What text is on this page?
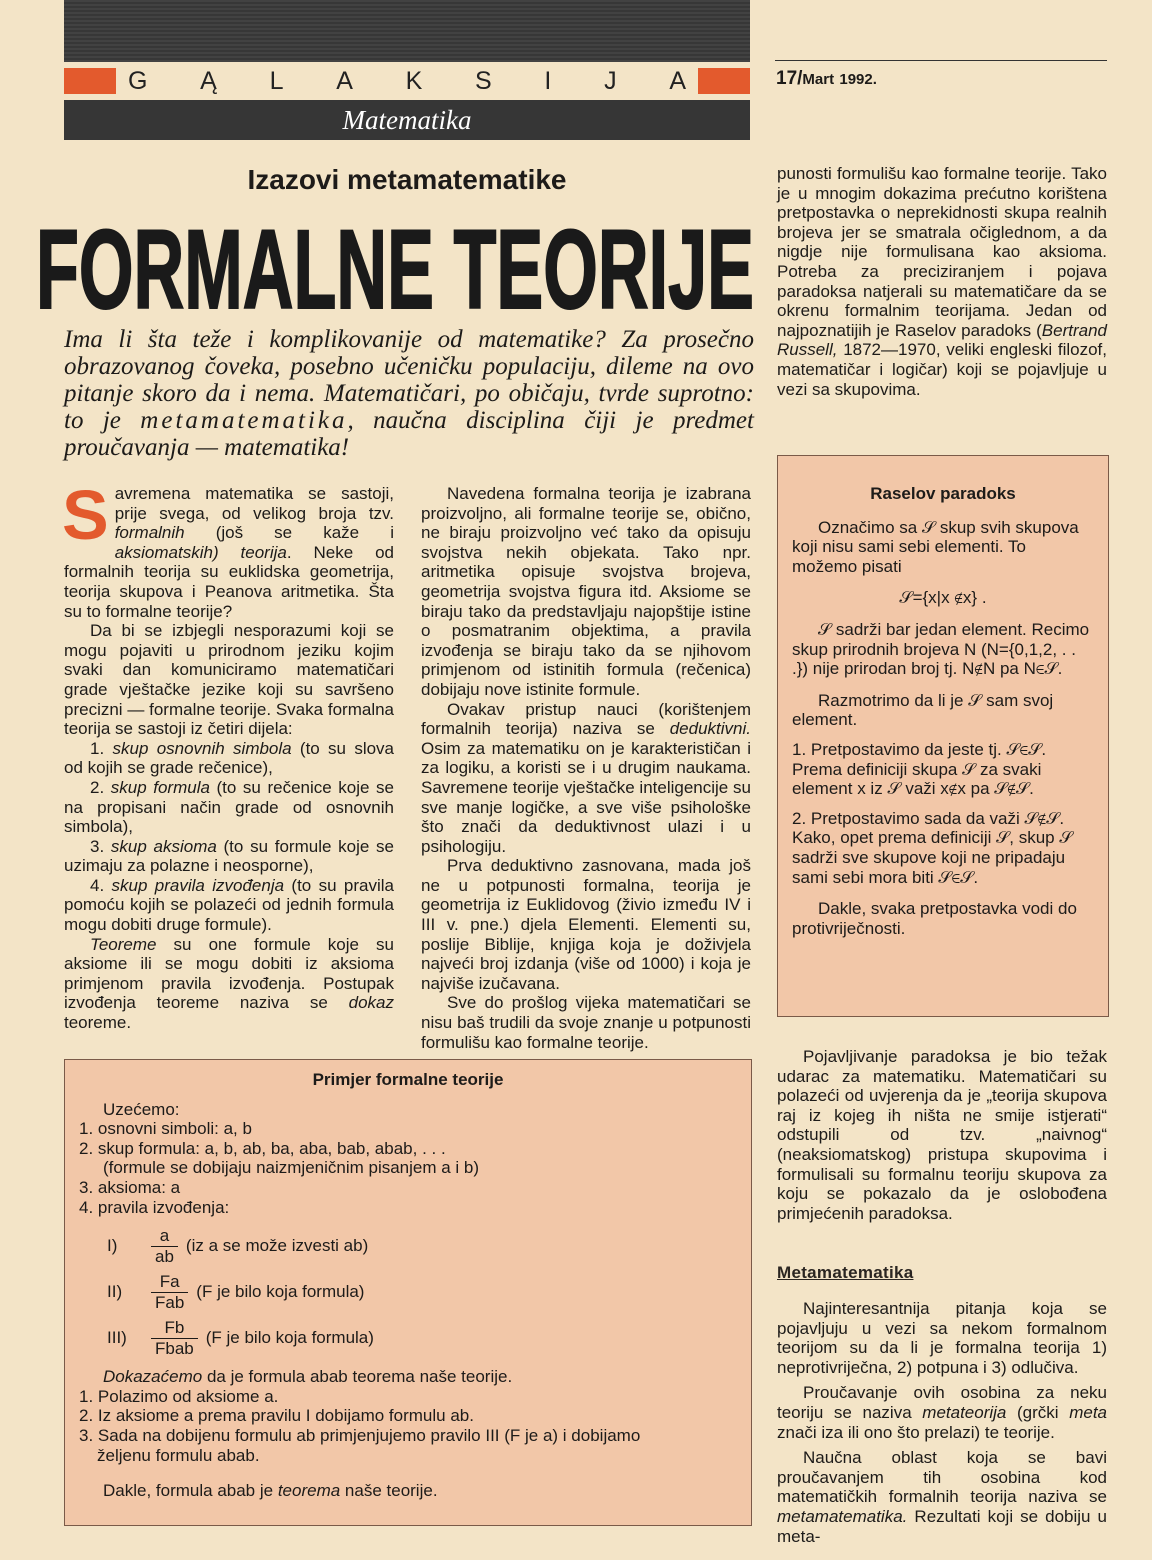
G Ą L A K S I J A	17/Mart 1992.
Matematika
Izazovi metamatematike
FORMALNE TEORIJE
Ima li šta teže i komplikovanije od matematike? Za prosečno obrazovanog čoveka, posebno učeničku populaciju, dileme na ovo pitanje skoro da i nema. Matematičari, po običaju, tvrde suprotno: to je metamatematika, naučna disciplina čiji je predmet proučavanja — matematika!

Savremena matematika se sastoji, prije svega, od velikog broja tzv. formalnih (još se kaže i aksiomatskih) teorija. Neke od formalnih teorija su euklidska geometrija, teorija skupova i Peanova aritmetika. Šta su to formalne teorije?

Da bi se izbjegli nesporazumi koji se mogu pojaviti u prirodnom jeziku kojim svaki dan komuniciramo matematičari grade vještačke jezike koji su savršeno precizni — formalne teorije. Svaka formalna teorija se sastoji iz četiri dijela:

1. skup osnovnih simbola (to su slova od kojih se grade rečenice),

2. skup formula (to su rečenice koje se na propisani način grade od osnovnih simbola),

3. skup aksioma (to su formule koje se uzimaju za polazne i neosporne),

4. skup pravila izvođenja (to su pravila pomoću kojih se polazeći od jednih formula mogu dobiti druge formule).

Teoreme su one formule koje su aksiome ili se mogu dobiti iz aksioma primjenom pravila izvođenja. Postupak izvođenja teoreme naziva se dokaz teoreme.

Navedena formalna teorija je izabrana proizvoljno, ali formalne teorije se, obično, ne biraju proizvoljno već tako da opisuju svojstva nekih objekata. Tako npr. aritmetika opisuje svojstva brojeva, geometrija svojstva figura itd. Aksiome se biraju tako da predstavljaju najopštije istine o posmatranim objektima, a pravila izvođenja se biraju tako da se njihovom primjenom od istinitih formula (rečenica) dobijaju nove istinite formule.

Ovakav pristup nauci (korištenjem formalnih teorija) naziva se deduktivni. Osim za matematiku on je karakterističan i za logiku, a koristi se i u drugim naukama. Savremene teorije vještačke inteligencije su sve manje logičke, a sve više psihološke što znači da deduktivnost ulazi i u psihologiju.

Prva deduktivno zasnovana, mada još ne u potpunosti formalna, teorija je geometrija iz Euklidovog (živio između IV i III v. pne.) djela Elementi. Elementi su, poslije Biblije, knjiga koja je doživjela najveći broj izdanja (više od 1000) i koja je najviše izučavana.

Sve do prošlog vijeka matematičari se nisu baš trudili da svoje znanje u potpunosti formulišu kao formalne teorije.

punosti formulišu kao formalne teorije. Tako je u mnogim dokazima prećutno korištena pretpostavka o neprekidnosti skupa realnih brojeva jer se smatrala očiglednom, a da nigdje nije formulisana kao aksioma. Potreba za preciziranjem i pojava paradoksa natjerali su matematičare da se okrenu formalnim teorijama. Jedan od najpoznatijih je Raselov paradoks (Bertrand Russell, 1872—1970, veliki engleski filozof, matematičar i logičar) koji se pojavljuje u vezi sa skupovima.

Raselov paradoks

Označimo sa 𝒮 skup svih skupova koji nisu sami sebi elementi. To možemo pisati

𝒮={x|x ∉x} .

𝒮 sadrži bar jedan element. Recimo skup prirodnih brojeva N (N={0,1,2, . . .}) nije prirodan broj tj. N∉N pa N∈𝒮.

Razmotrimo da li je 𝒮 sam svoj element.

1. Pretpostavimo da jeste tj. 𝒮∈𝒮. Prema definiciji skupa 𝒮 za svaki element x iz 𝒮 važi x∉x pa 𝒮∉𝒮.

2. Pretpostavimo sada da važi 𝒮∉𝒮. Kako, opet prema definiciji 𝒮, skup 𝒮 sadrži sve skupove koji ne pripadaju sami sebi mora biti 𝒮∈𝒮.

Dakle, svaka pretpostavka vodi do protivriječnosti.

Pojavljivanje paradoksa je bio težak udarac za matematiku. Matematičari su polazeći od uvjerenja da je „teorija skupova raj iz kojeg ih ništa ne smije istjerati“ odstupili od tzv. „naivnog“ (neaksiomatskog) pristupa skupovima i formulisali su formalnu teoriju skupova za koju se pokazalo da je oslobođena primjećenih paradoksa.

Metamatematika

Najinteresantnija pitanja koja se pojavljuju u vezi sa nekom formalnom teorijom su da li je formalna teorija 1) neprotivriječna, 2) potpuna i 3) odlučiva.

Proučavanje ovih osobina za neku teoriju se naziva metateorija (grčki meta znači iza ili ono što prelazi) te teorije.

Naučna oblast koja se bavi proučavanjem tih osobina kod matematičkih formalnih teorija naziva se metamatematika. Rezultati koji se dobiju u meta-

Primjer formalne teorije

Uzećemo:

1. osnovni simboli: a, b

2. skup formula: a, b, ab, ba, aba, bab, abab, . . .

(formule se dobijaju naizmjeničnim pisanjem a i b)

3. aksioma: a

4. pravila izvođenja:

I)	$\frac{a}{ab} (iz$ a se može izvesti ab)
II)	$\frac{Fa}{\text{Fab}} (F$ je bilo koja formula)
III)	$\frac{Fb}{\text{Fbab}} (F$ je bilo koja formula)

Dokazaćemo da je formula abab teorema naše teorije.

1. Polazimo od aksiome a.

2. Iz aksiome a prema pravilu I dobijamo formulu ab.

3. Sada na dobijenu formulu ab primjenjujemo pravilo III (F je a) i dobijamo

željenu formulu abab.

Dakle, formula abab je teorema naše teorije.
